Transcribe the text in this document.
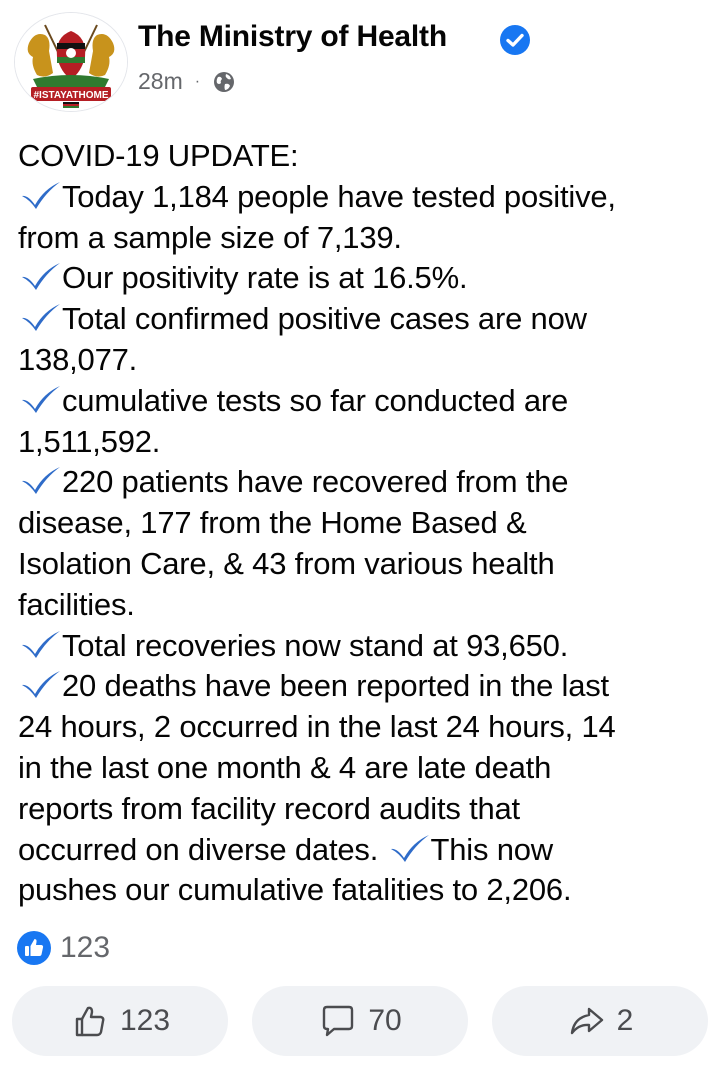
#ISTAYATHOME
The Ministry of Health
28m ·
COVID-19 UPDATE:
Today 1,184 people have tested positive,
from a sample size of 7,139.
Our positivity rate is at 16.5%.
Total confirmed positive cases are now
138,077.
cumulative tests so far conducted are
1,511,592.
220 patients have recovered from the
disease, 177 from the Home Based &
Isolation Care, & 43 from various health
facilities.
Total recoveries now stand at 93,650.
20 deaths have been reported in the last
24 hours, 2 occurred in the last 24 hours, 14
in the last one month & 4 are late death
reports from facility record audits that
occurred on diverse dates. This now
pushes our cumulative fatalities to 2,206.
123
123	70	2
